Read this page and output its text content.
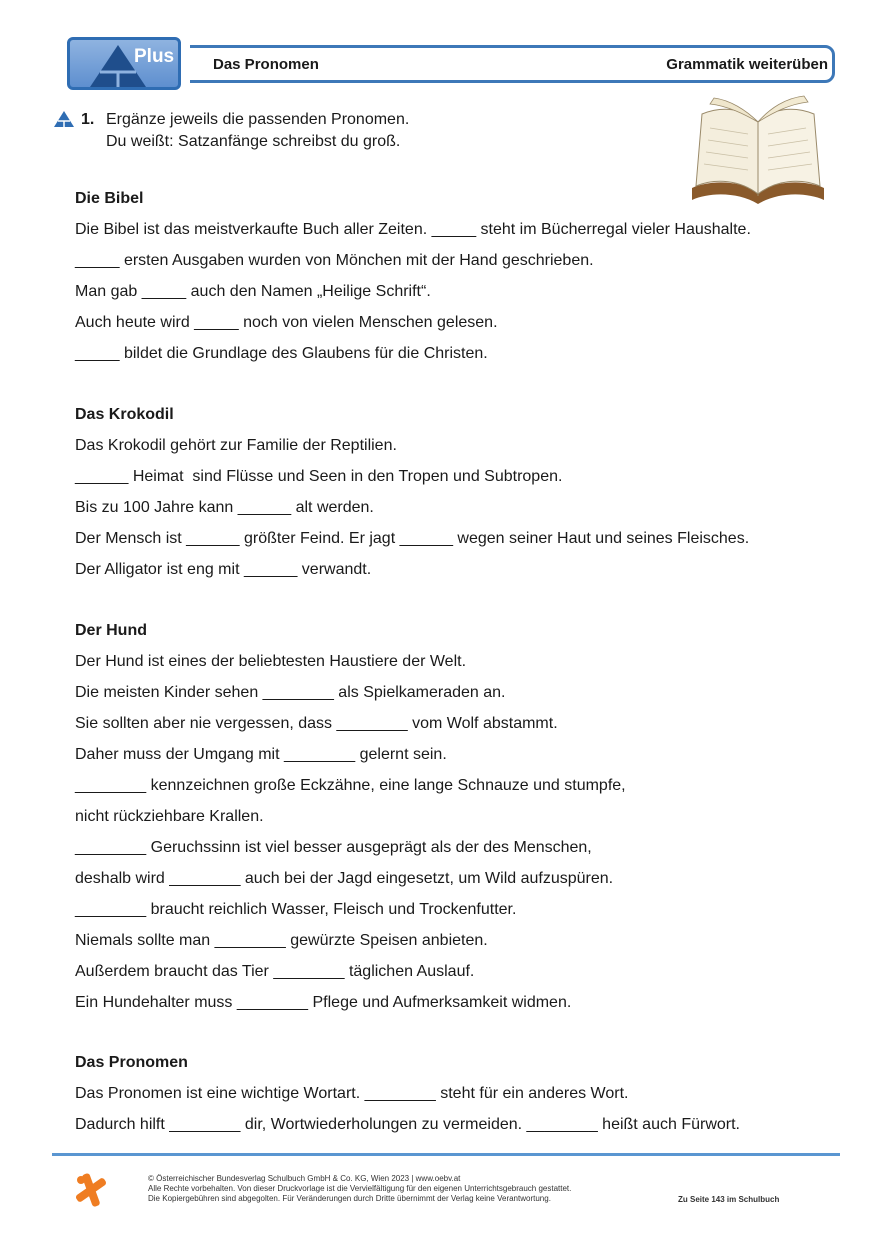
Plus	Das Pronomen	Grammatik weiterüben
1. Ergänze jeweils die passenden Pronomen.
Du weißt: Satzanfänge schreibst du groß.
Die Bibel
Die Bibel ist das meistverkaufte Buch aller Zeiten. _____ steht im Bücherregal vieler Haushalte.
_____ ersten Ausgaben wurden von Mönchen mit der Hand geschrieben.
Man gab _____ auch den Namen „Heilige Schrift“.
Auch heute wird _____ noch von vielen Menschen gelesen.
_____ bildet die Grundlage des Glaubens für die Christen.
Das Krokodil
Das Krokodil gehört zur Familie der Reptilien.
______ Heimat  sind Flüsse und Seen in den Tropen und Subtropen.
Bis zu 100 Jahre kann ______ alt werden.
Der Mensch ist ______ größter Feind. Er jagt ______ wegen seiner Haut und seines Fleisches.
Der Alligator ist eng mit ______ verwandt.
Der Hund
Der Hund ist eines der beliebtesten Haustiere der Welt.
Die meisten Kinder sehen ________ als Spielkameraden an.
Sie sollten aber nie vergessen, dass ________ vom Wolf abstammt.
Daher muss der Umgang mit ________ gelernt sein.
________ kennzeichnen große Eckzähne, eine lange Schnauze und stumpfe,
nicht rückziehbare Krallen.
________ Geruchssinn ist viel besser ausgeprägt als der des Menschen,
deshalb wird ________ auch bei der Jagd eingesetzt, um Wild aufzuspüren.
________ braucht reichlich Wasser, Fleisch und Trockenfutter.
Niemals sollte man ________ gewürzte Speisen anbieten.
Außerdem braucht das Tier ________ täglichen Auslauf.
Ein Hundehalter muss ________ Pflege und Aufmerksamkeit widmen.
Das Pronomen
Das Pronomen ist eine wichtige Wortart. ________ steht für ein anderes Wort.
Dadurch hilft ________ dir, Wortwiederholungen zu vermeiden. ________ heißt auch Fürwort.
© Österreichischer Bundesverlag Schulbuch GmbH & Co. KG, Wien 2023 | www.oebv.at
Alle Rechte vorbehalten. Von dieser Druckvorlage ist die Vervielfältigung für den eigenen Unterrichtsgebrauch gestattet.
Die Kopiergebühren sind abgegolten. Für Veränderungen durch Dritte übernimmt der Verlag keine Verantwortung.	Zu Seite 143 im Schulbuch
